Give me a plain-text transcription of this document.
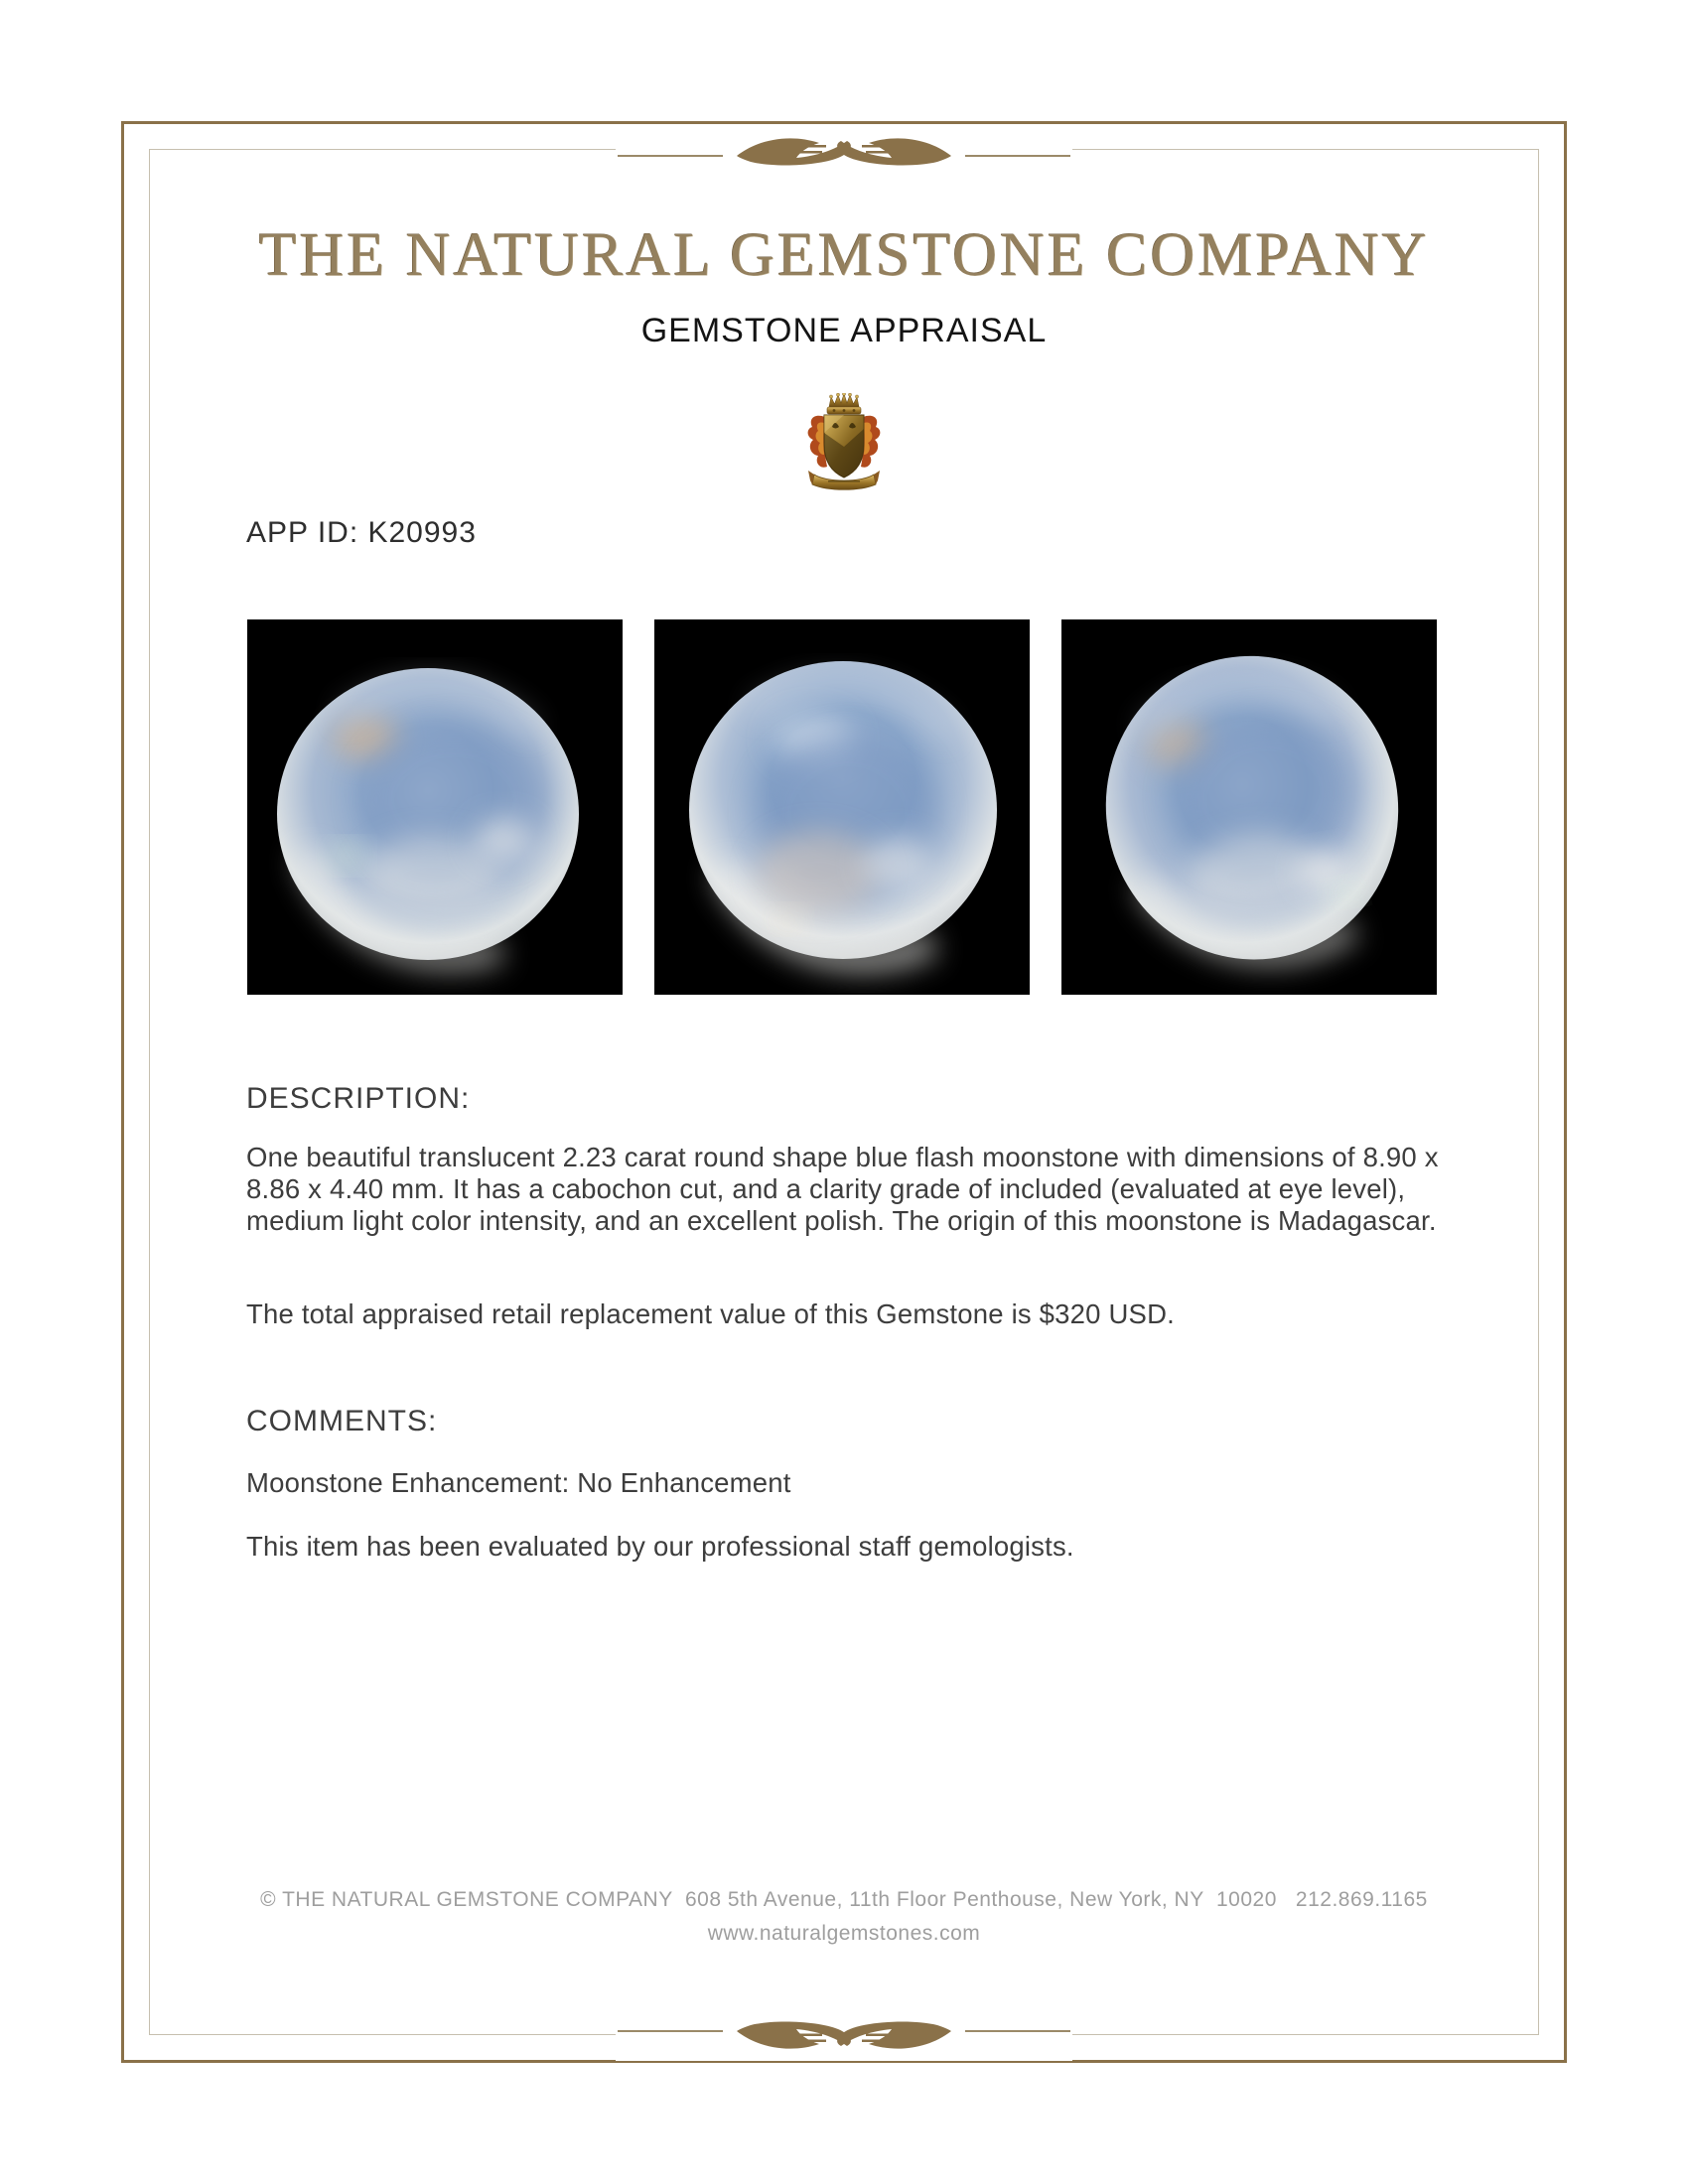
THE NATURAL GEMSTONE COMPANY
GEMSTONE APPRAISAL
APP ID: K20993
DESCRIPTION:
One beautiful translucent 2.23 carat round shape blue flash moonstone with dimensions of 8.90 x 8.86 x 4.40 mm. It has a cabochon cut, and a clarity grade of included (evaluated at eye level), medium light color intensity, and an excellent polish. The origin of this moonstone is Madagascar.
The total appraised retail replacement value of this Gemstone is $320 USD.
COMMENTS:
Moonstone Enhancement: No Enhancement
This item has been evaluated by our professional staff gemologists.
© THE NATURAL GEMSTONE COMPANY  608 5th Avenue, 11th Floor Penthouse, New York, NY  10020   212.869.1165
www.naturalgemstones.com
